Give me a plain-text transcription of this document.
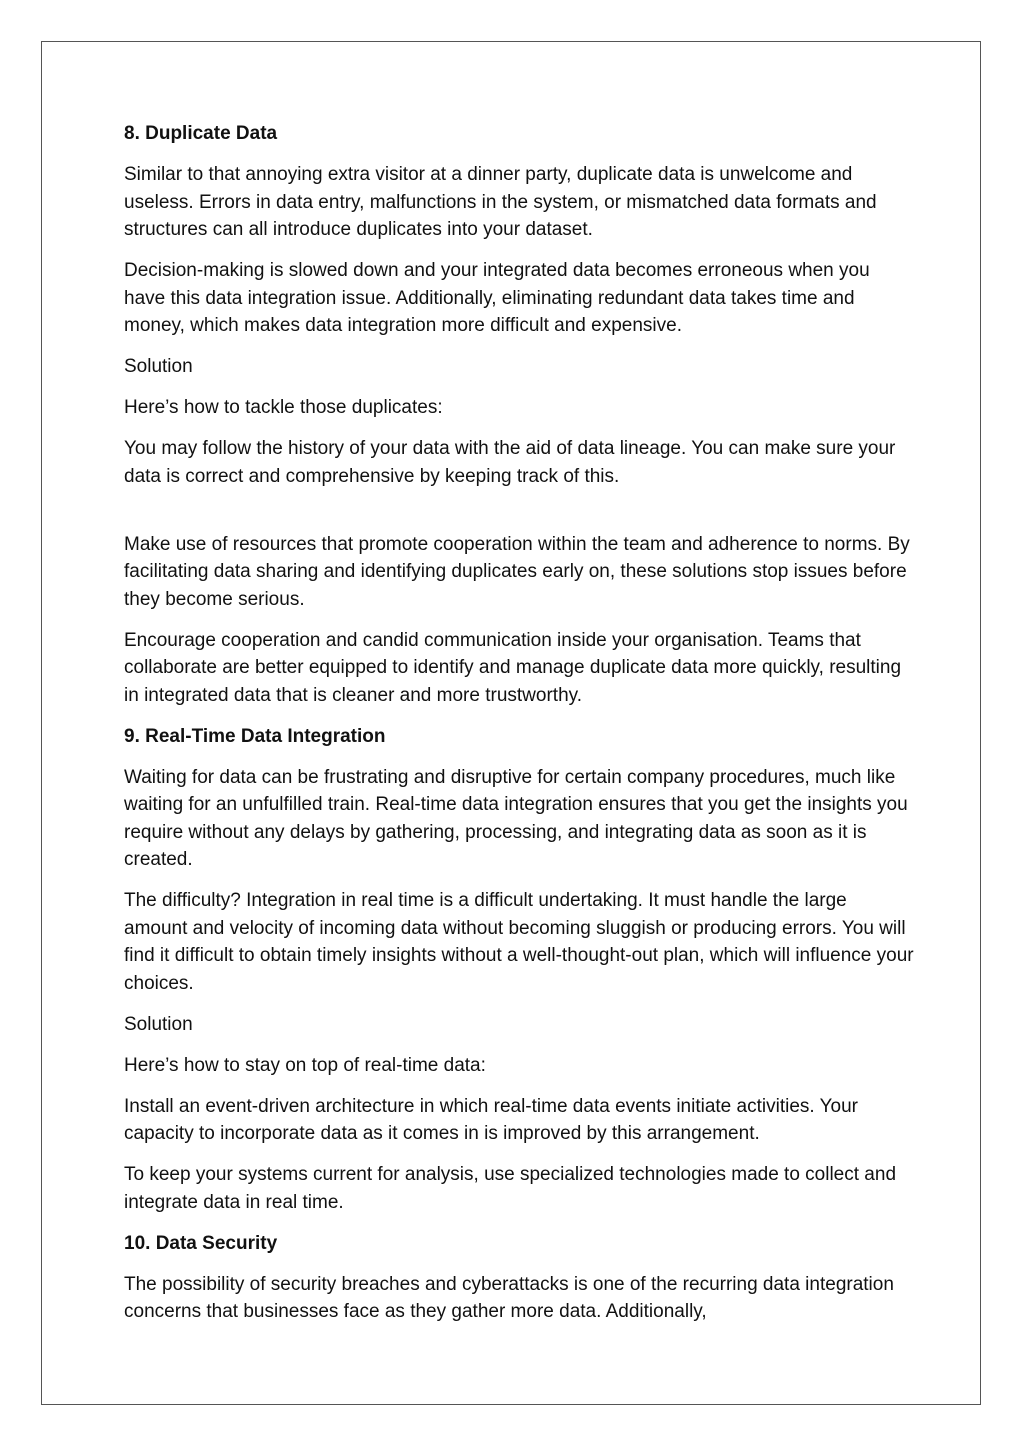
8. Duplicate Data

Similar to that annoying extra visitor at a dinner party, duplicate data is unwelcome and useless. Errors in data entry, malfunctions in the system, or mismatched data formats and structures can all introduce duplicates into your dataset.

Decision-making is slowed down and your integrated data becomes erroneous when you have this data integration issue. Additionally, eliminating redundant data takes time and money, which makes data integration more difficult and expensive.

Solution

Here’s how to tackle those duplicates:

You may follow the history of your data with the aid of data lineage. You can make sure your data is correct and comprehensive by keeping track of this.

Make use of resources that promote cooperation within the team and adherence to norms. By facilitating data sharing and identifying duplicates early on, these solutions stop issues before they become serious.

Encourage cooperation and candid communication inside your organisation. Teams that collaborate are better equipped to identify and manage duplicate data more quickly, resulting in integrated data that is cleaner and more trustworthy.

9. Real-Time Data Integration

Waiting for data can be frustrating and disruptive for certain company procedures, much like waiting for an unfulfilled train. Real-time data integration ensures that you get the insights you require without any delays by gathering, processing, and integrating data as soon as it is created.

The difficulty? Integration in real time is a difficult undertaking. It must handle the large amount and velocity of incoming data without becoming sluggish or producing errors. You will find it difficult to obtain timely insights without a well-thought-out plan, which will influence your choices.

Solution

Here’s how to stay on top of real-time data:

Install an event-driven architecture in which real-time data events initiate activities. Your capacity to incorporate data as it comes in is improved by this arrangement.

To keep your systems current for analysis, use specialized technologies made to collect and integrate data in real time.

10. Data Security

The possibility of security breaches and cyberattacks is one of the recurring data integration concerns that businesses face as they gather more data. Additionally,
